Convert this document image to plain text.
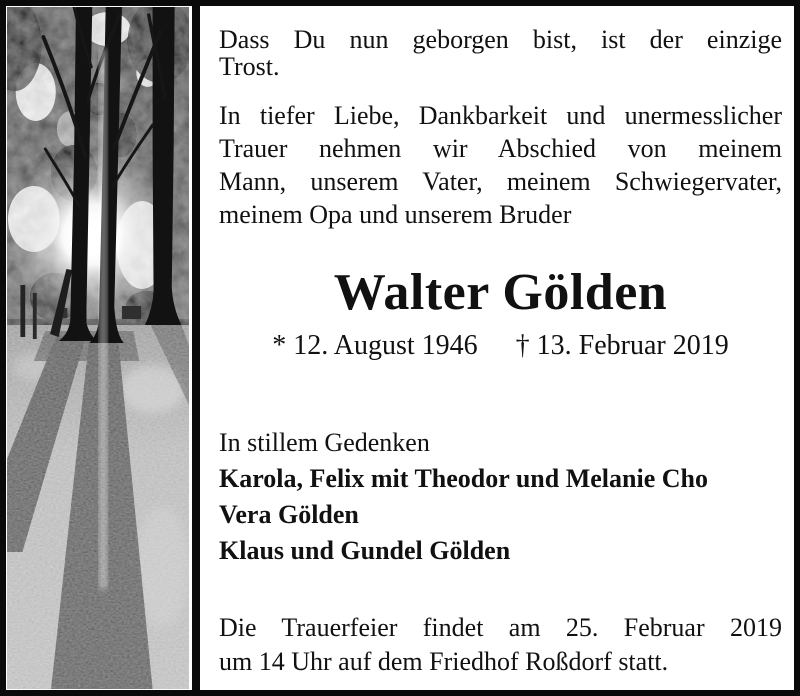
Dass Du nun geborgen bist, ist der einzige
Trost.
In tiefer Liebe, Dankbarkeit und unermesslicher
Trauer nehmen wir Abschied von meinem
Mann, unserem Vater, meinem Schwiegervater,
meinem Opa und unserem Bruder
Walter Gölden
* 12. August 1946 † 13. Februar 2019
In stillem Gedenken
Karola, Felix mit Theodor und Melanie Cho
Vera Gölden
Klaus und Gundel Gölden
Die Trauerfeier findet am 25. Februar 2019
um 14 Uhr auf dem Friedhof Roßdorf statt.
